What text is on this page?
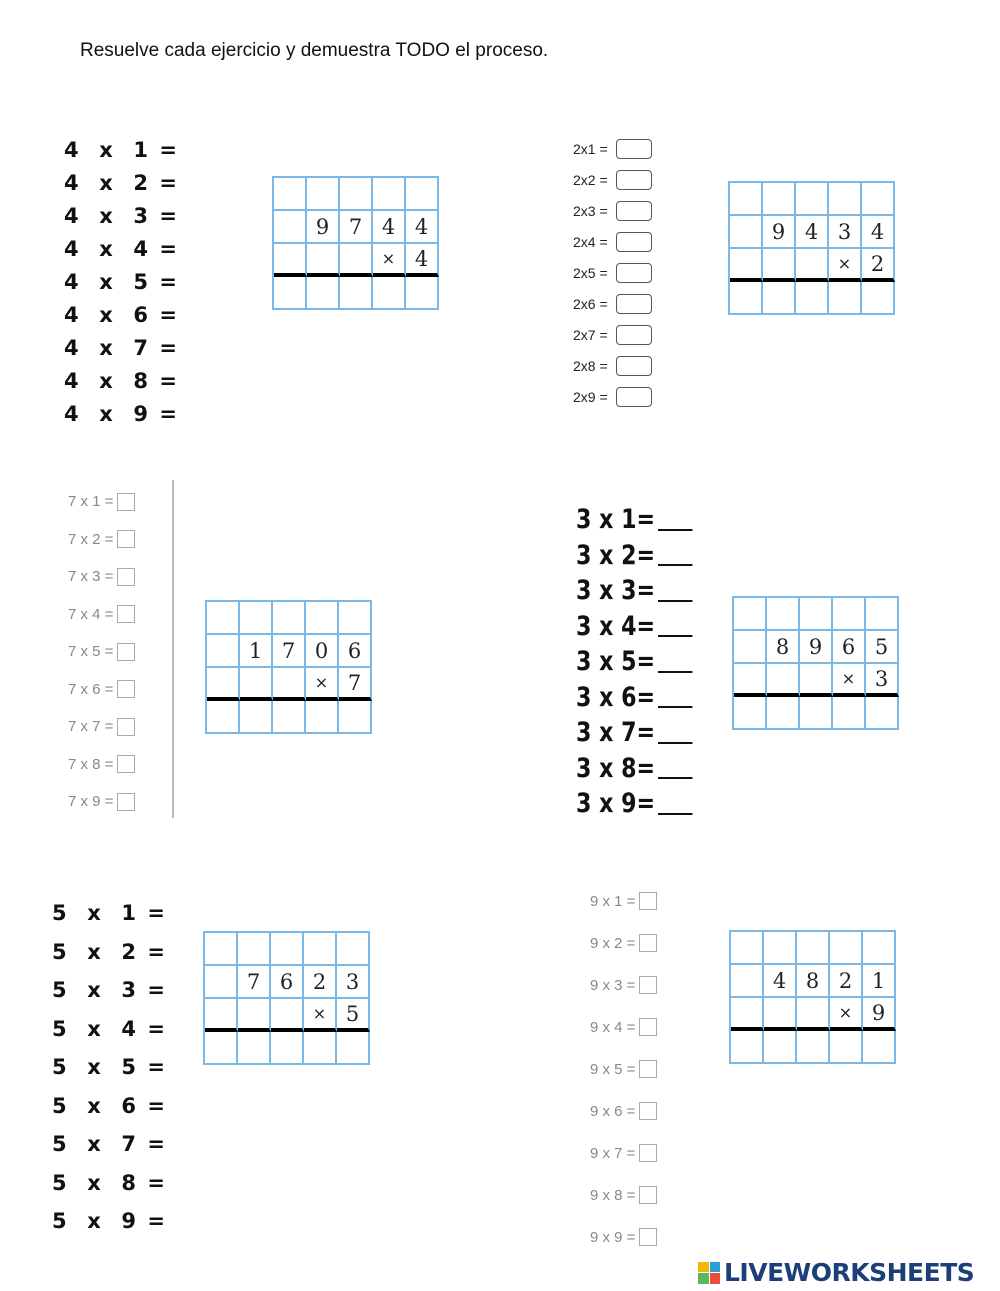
Resuelve cada ejercicio y demuestra TODO el proceso.
4  x  1 =
4  x  2 =
4  x  3 =
4  x  4 =
4  x  5 =
4  x  6 =
4  x  7 =
4  x  8 =
4  x  9 =
2x1 =
2x2 =
2x3 =
2x4 =
2x5 =
2x6 =
2x7 =
2x8 =
2x9 =
7 x 1 =
7 x 2 =
7 x 3 =
7 x 4 =
7 x 5 =
7 x 6 =
7 x 7 =
7 x 8 =
7 x 9 =
3 x 1=
3 x 2=
3 x 3=
3 x 4=
3 x 5=
3 x 6=
3 x 7=
3 x 8=
3 x 9=
5  x  1 =
5  x  2 =
5  x  3 =
5  x  4 =
5  x  5 =
5  x  6 =
5  x  7 =
5  x  8 =
5  x  9 =
9 x 1 =
9 x 2 =
9 x 3 =
9 x 4 =
9 x 5 =
9 x 6 =
9 x 7 =
9 x 8 =
9 x 9 =
9 7 4 4
× 4
9 4 3 4
× 2
1 7 0 6
× 7
8 9 6 5
× 3
7 6 2 3
× 5
4 8 2 1
× 9
LIVEWORKSHEETS
